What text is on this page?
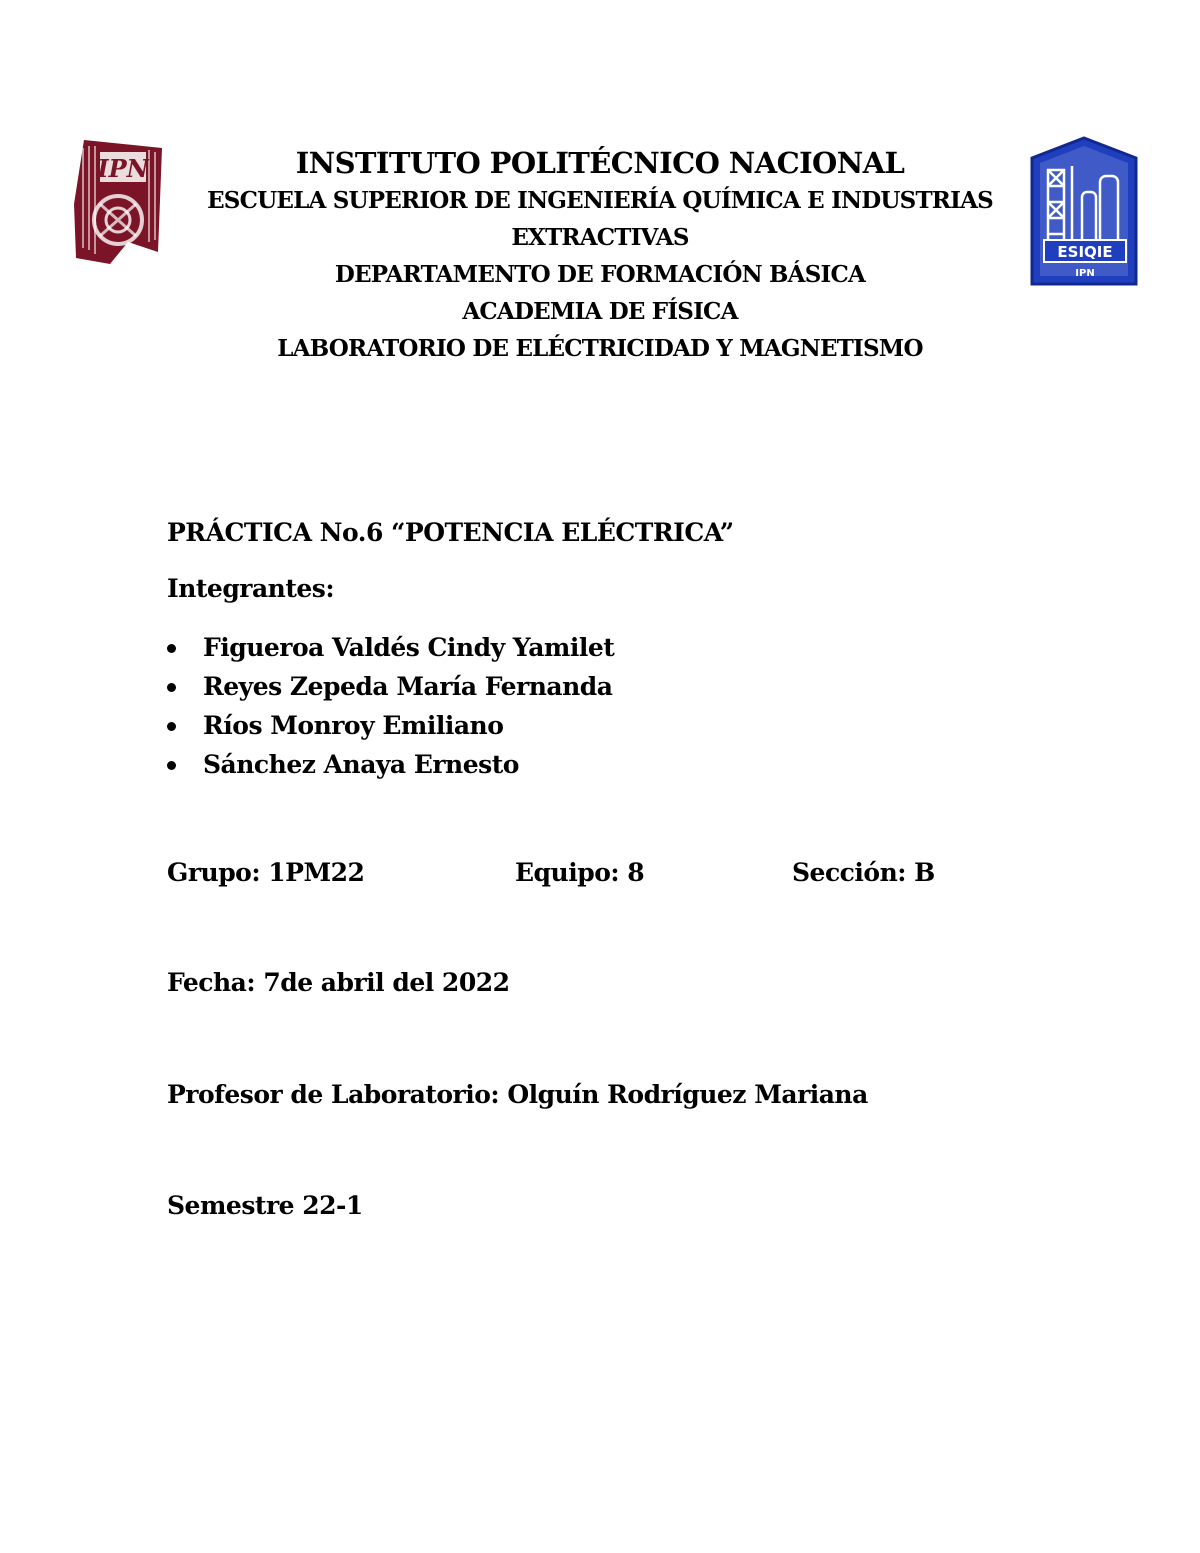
IPN
ESIQIE
IPN
INSTITUTO POLITÉCNICO NACIONAL
ESCUELA SUPERIOR DE INGENIERÍA QUÍMICA E INDUSTRIAS
EXTRACTIVAS
DEPARTAMENTO DE FORMACIÓN BÁSICA
ACADEMIA DE FÍSICA
LABORATORIO DE ELÉCTRICIDAD Y MAGNETISMO
PRÁCTICA No.6 “POTENCIA ELÉCTRICA”
Integrantes:
Figueroa Valdés Cindy Yamilet
Reyes Zepeda María Fernanda
Ríos Monroy Emiliano
Sánchez Anaya Ernesto
Grupo: 1PM22	Equipo: 8	Sección: B
Fecha: 7de abril del 2022
Profesor de Laboratorio: Olguín Rodríguez Mariana
Semestre 22-1
